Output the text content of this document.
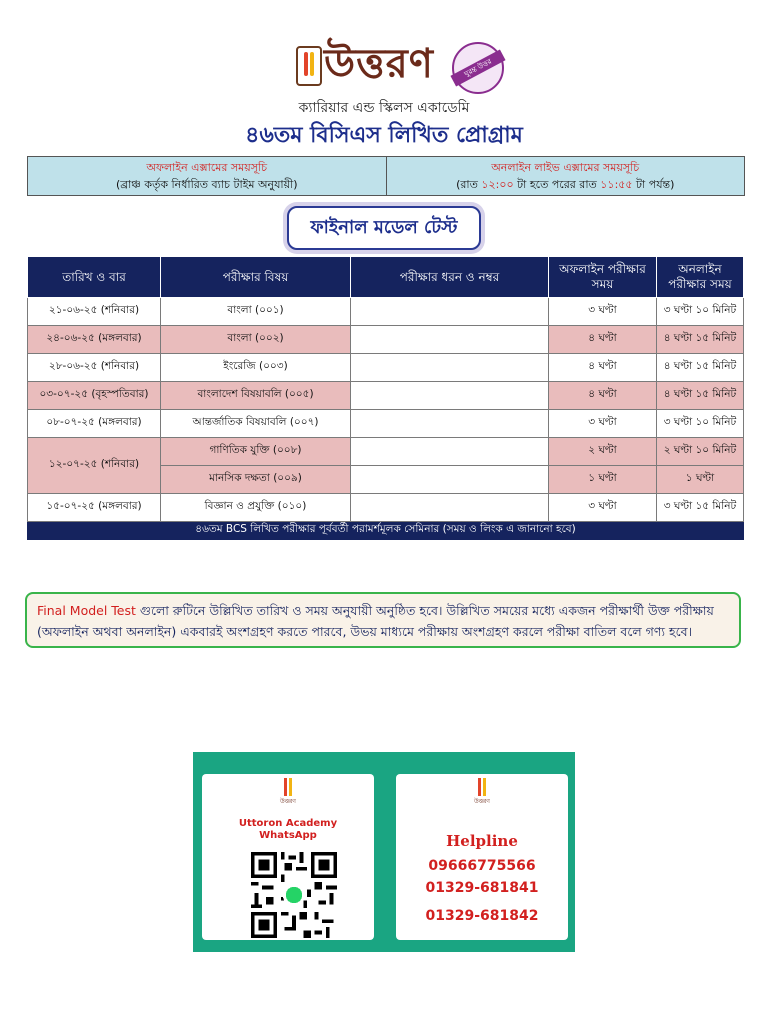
উত্তরণ	ঘুরন্ত উত্তর
ক্যারিয়ার এন্ড স্কিলস একাডেমি
৪৬তম বিসিএস লিখিত প্রোগ্রাম
অফলাইন এক্সামের সময়সূচি
(ব্রাঞ্চ কর্তৃক নির্ধারিত ব্যাচ টাইম অনুযায়ী)
অনলাইন লাইভ এক্সামের সময়সূচি
(রাত ১২:০০ টা হতে পরের রাত ১১:৫৫ টা পর্যন্ত)
ফাইনাল মডেল টেস্ট
তারিখ ও বার	পরীক্ষার বিষয়	পরীক্ষার ধরন ও নম্বর	অফলাইন পরীক্ষার সময়	অনলাইন পরীক্ষার সময়
২১-০৬-২৫ (শনিবার)	বাংলা (০০১)		৩ ঘণ্টা	৩ ঘণ্টা ১০ মিনিট
২৪-০৬-২৫ (মঙ্গলবার)	বাংলা (০০২)		৪ ঘণ্টা	৪ ঘণ্টা ১৫ মিনিট
২৮-০৬-২৫ (শনিবার)	ইংরেজি (০০৩)		৪ ঘণ্টা	৪ ঘণ্টা ১৫ মিনিট
০৩-০৭-২৫ (বৃহস্পতিবার)	বাংলাদেশ বিষয়াবলি (০০৫)		৪ ঘণ্টা	৪ ঘণ্টা ১৫ মিনিট
০৮-০৭-২৫ (মঙ্গলবার)	আন্তর্জাতিক বিষয়াবলি (০০৭)		৩ ঘণ্টা	৩ ঘণ্টা ১০ মিনিট
১২-০৭-২৫ (শনিবার)	গাণিতিক যুক্তি (০০৮)		২ ঘণ্টা	২ ঘণ্টা ১০ মিনিট
	মানসিক দক্ষতা (০০৯)		১ ঘণ্টা	১ ঘণ্টা
১৫-০৭-২৫ (মঙ্গলবার)	বিজ্ঞান ও প্রযুক্তি (০১০)		৩ ঘণ্টা	৩ ঘণ্টা ১৫ মিনিট
৪৬তম BCS লিখিত পরীক্ষার পূর্ববর্তী পরামর্শমূলক সেমিনার (সময় ও লিংক এ জানানো হবে)				
Final Model Test গুলো রুটিনে উল্লিখিত তারিখ ও সময় অনুযায়ী অনুষ্ঠিত হবে। উল্লিখিত সময়ের মধ্যে একজন পরীক্ষার্থী উক্ত পরীক্ষায় (অফলাইন অথবা অনলাইন) একবারই অংশগ্রহণ করতে পারবে, উভয় মাধ্যমে পরীক্ষায় অংশগ্রহণ করলে পরীক্ষা বাতিল বলে গণ্য হবে।
উত্তরণ
Uttoron Academy
WhatsApp
উত্তরণ
Helpline
09666775566
01329-681841
01329-681842
